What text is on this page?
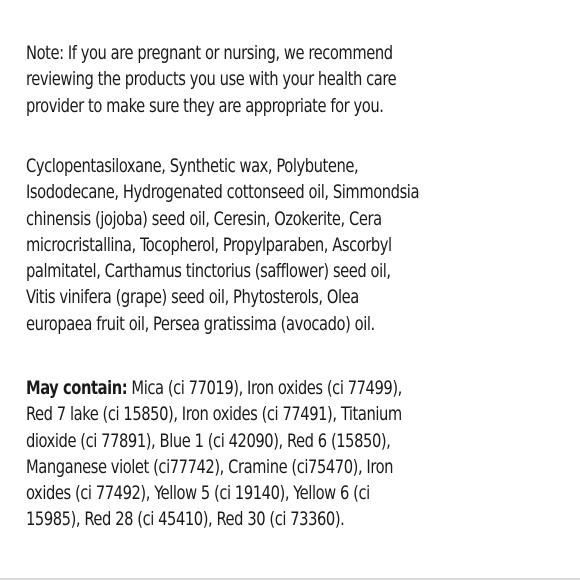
Note: If you are pregnant or nursing, we recommend
reviewing the products you use with your health care
provider to make sure they are appropriate for you.

Cyclopentasiloxane, Synthetic wax, Polybutene,
Isododecane, Hydrogenated cottonseed oil, Simmondsia
chinensis (jojoba) seed oil, Ceresin, Ozokerite, Cera
microcristallina, Tocopherol, Propylparaben, Ascorbyl
palmitatel, Carthamus tinctorius (safflower) seed oil,
Vitis vinifera (grape) seed oil, Phytosterols, Olea
europaea fruit oil, Persea gratissima (avocado) oil.

May contain: Mica (ci 77019), Iron oxides (ci 77499),
Red 7 lake (ci 15850), Iron oxides (ci 77491), Titanium
dioxide (ci 77891), Blue 1 (ci 42090), Red 6 (15850),
Manganese violet (ci77742), Cramine (ci75470), Iron
oxides (ci 77492), Yellow 5 (ci 19140), Yellow 6 (ci
15985), Red 28 (ci 45410), Red 30 (ci 73360).
